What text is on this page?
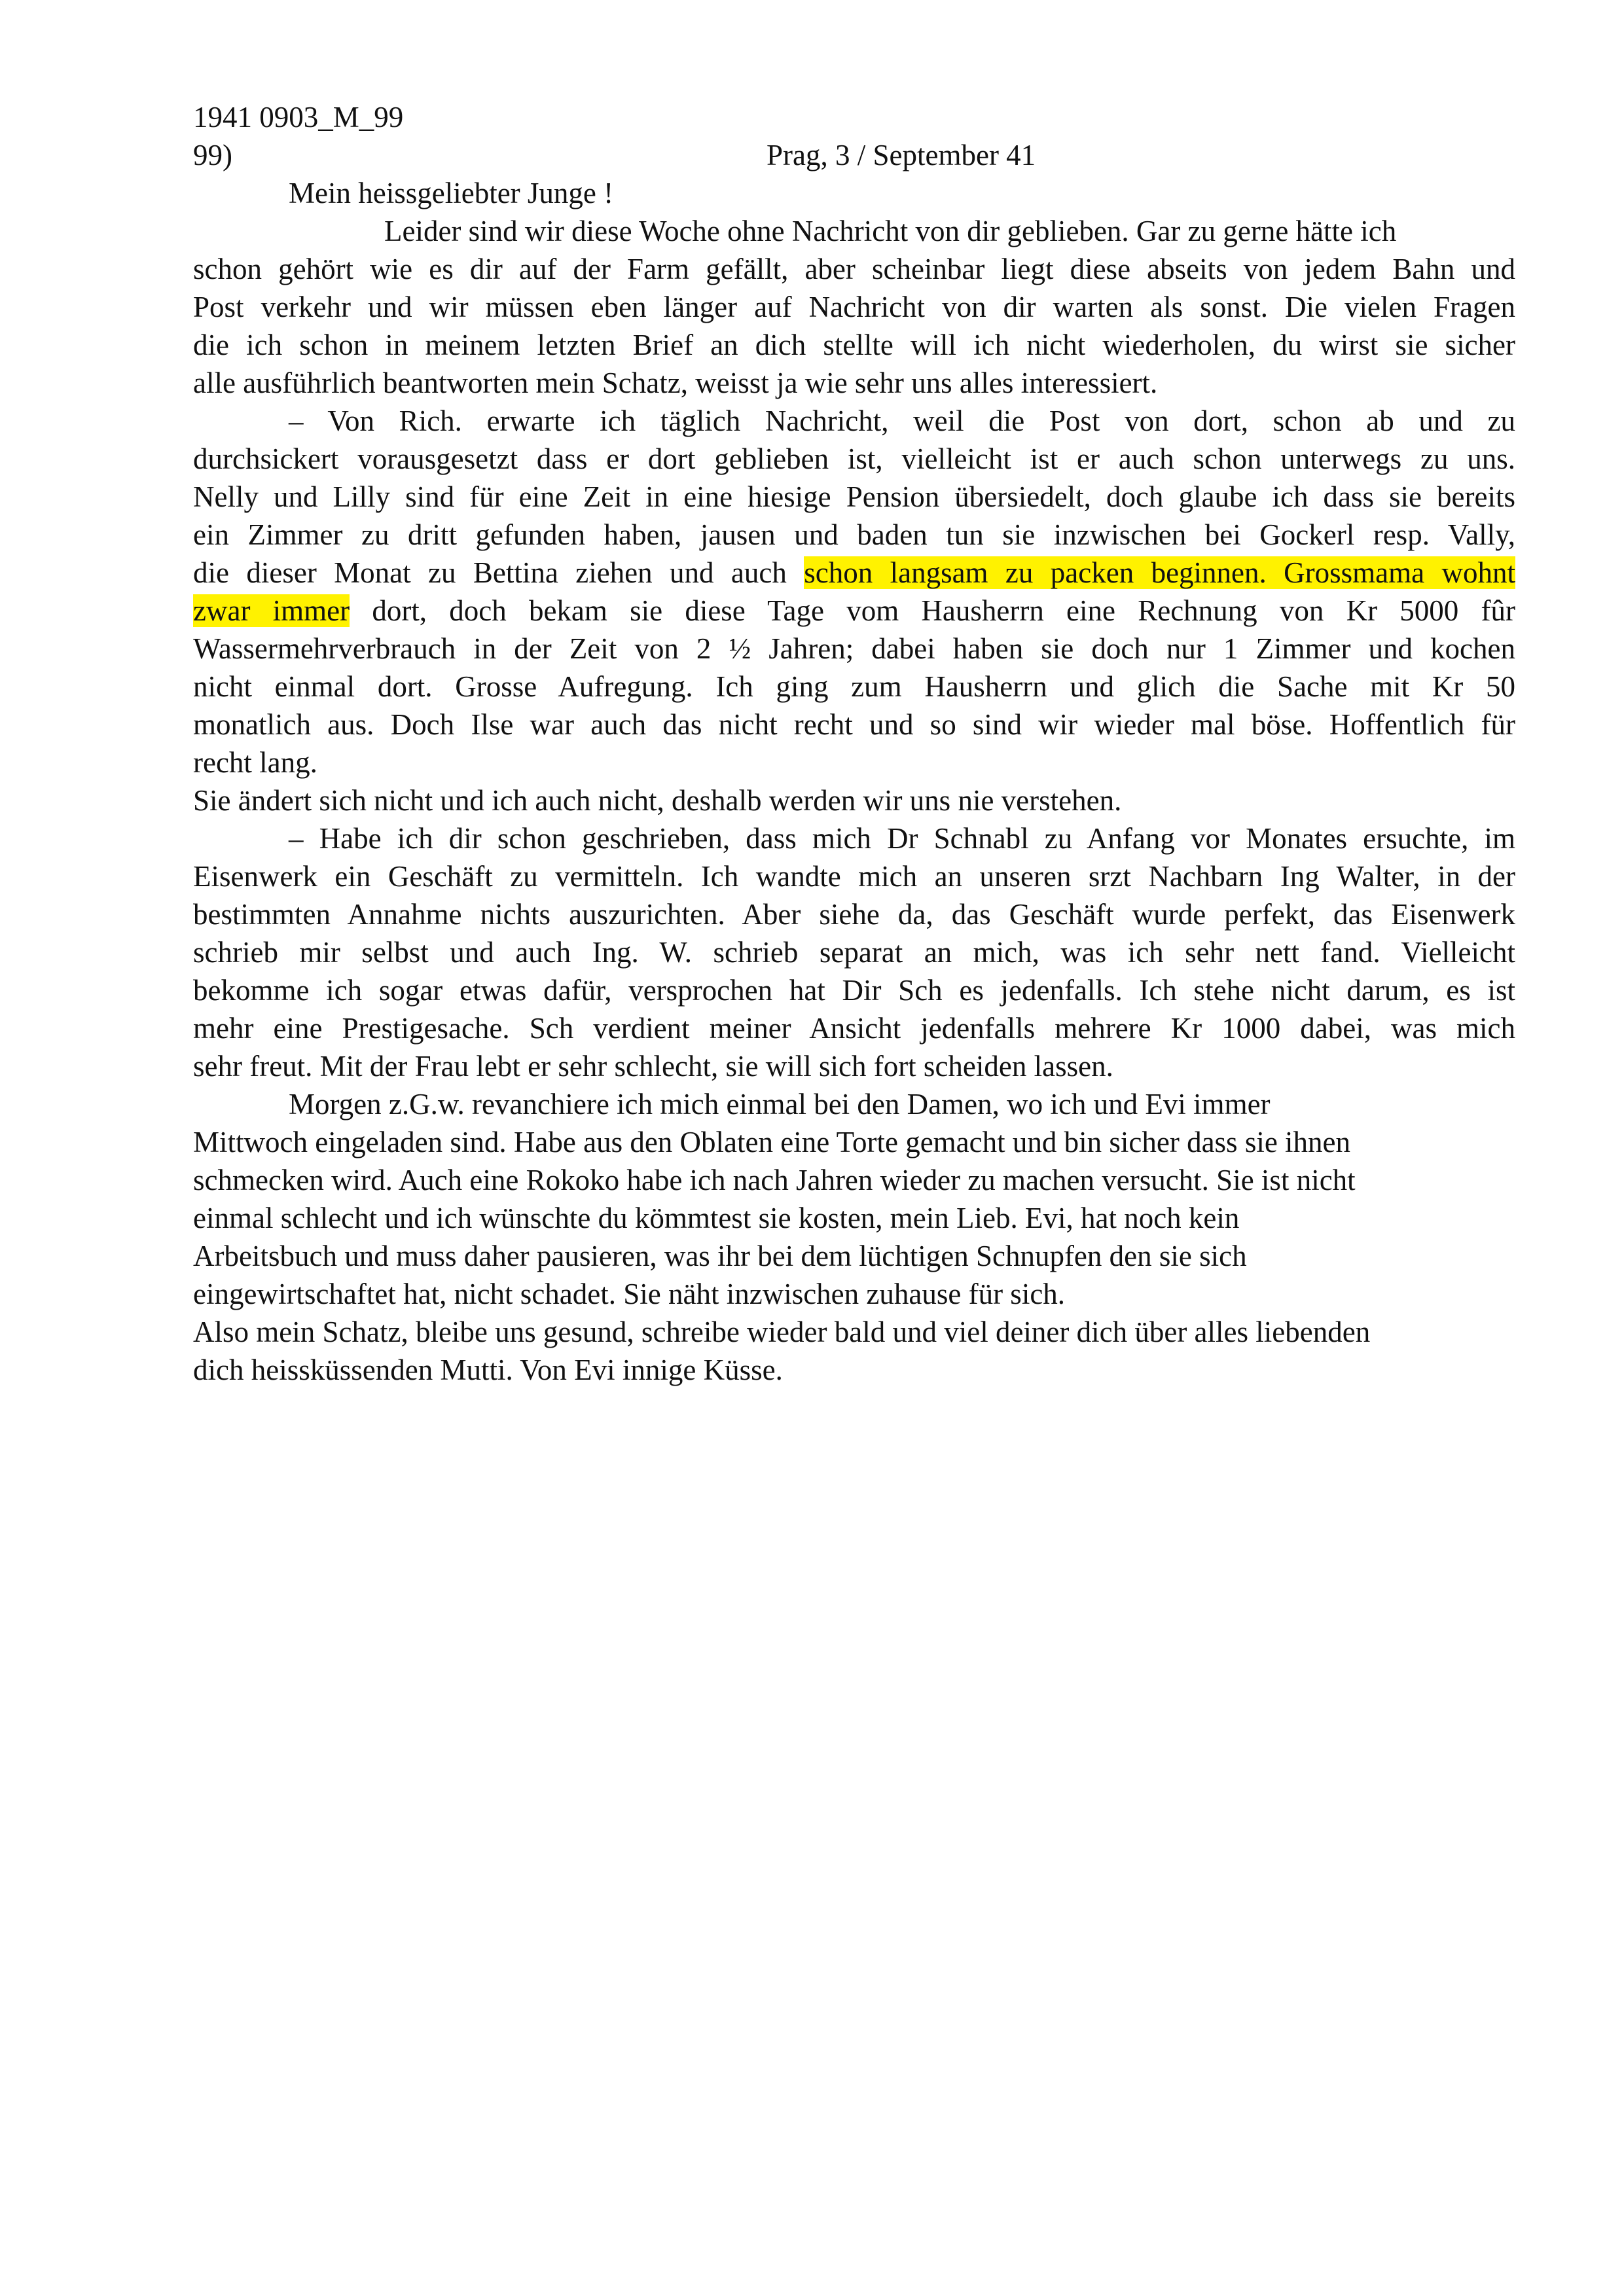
1941 0903_M_99
99)	Prag, 3 / September 41
Mein heissgeliebter Junge !
Leider sind wir diese Woche ohne Nachricht von dir geblieben. Gar zu gerne hätte ich
schon gehört wie es dir auf der Farm gefällt, aber scheinbar liegt diese abseits von jedem Bahn und
Post verkehr und wir müssen eben länger auf Nachricht von dir warten als sonst. Die vielen Fragen
die ich schon in meinem letzten Brief an dich stellte will ich nicht wiederholen, du wirst sie sicher
alle ausführlich beantworten mein Schatz, weisst ja wie sehr uns alles interessiert.
– Von Rich. erwarte ich täglich Nachricht, weil die Post von dort, schon ab und zu
durchsickert vorausgesetzt dass er dort geblieben ist, vielleicht ist er auch schon unterwegs zu uns.
Nelly und Lilly sind für eine Zeit in eine hiesige Pension übersiedelt, doch glaube ich dass sie bereits
ein Zimmer zu dritt gefunden haben, jausen und baden tun sie inzwischen bei Gockerl resp. Vally,
die dieser Monat zu Bettina ziehen und auch schon langsam zu packen beginnen. Grossmama wohnt
zwar immer dort, doch bekam sie diese Tage vom Hausherrn eine Rechnung von Kr 5000 fûr
Wassermehrverbrauch in der Zeit von 2 ½ Jahren; dabei haben sie doch nur 1 Zimmer und kochen
nicht einmal dort. Grosse Aufregung. Ich ging zum Hausherrn und glich die Sache mit Kr 50
monatlich aus. Doch Ilse war auch das nicht recht und so sind wir wieder mal böse. Hoffentlich für
recht lang.
Sie ändert sich nicht und ich auch nicht, deshalb werden wir uns nie verstehen.
– Habe ich dir schon geschrieben, dass mich Dr Schnabl zu Anfang vor Monates ersuchte, im
Eisenwerk ein Geschäft zu vermitteln. Ich wandte mich an unseren srzt Nachbarn Ing Walter, in der
bestimmten Annahme nichts auszurichten. Aber siehe da, das Geschäft wurde perfekt, das Eisenwerk
schrieb mir selbst und auch Ing. W. schrieb separat an mich, was ich sehr nett fand. Vielleicht
bekomme ich sogar etwas dafür, versprochen hat Dir Sch es jedenfalls. Ich stehe nicht darum, es ist
mehr eine Prestigesache. Sch verdient meiner Ansicht jedenfalls mehrere Kr 1000 dabei, was mich
sehr freut. Mit der Frau lebt er sehr schlecht, sie will sich fort scheiden lassen.
Morgen z.G.w. revanchiere ich mich einmal bei den Damen, wo ich und Evi immer
Mittwoch eingeladen sind. Habe aus den Oblaten eine Torte gemacht und bin sicher dass sie ihnen
schmecken wird. Auch eine Rokoko habe ich nach Jahren wieder zu machen versucht. Sie ist nicht
einmal schlecht und ich wünschte du kömmtest sie kosten, mein Lieb. Evi, hat noch kein
Arbeitsbuch und muss daher pausieren, was ihr bei dem lüchtigen Schnupfen den sie sich
eingewirtschaftet hat, nicht schadet. Sie näht inzwischen zuhause für sich.
Also mein Schatz, bleibe uns gesund, schreibe wieder bald und viel deiner dich über alles liebenden
dich heissküssenden Mutti. Von Evi innige Küsse.
